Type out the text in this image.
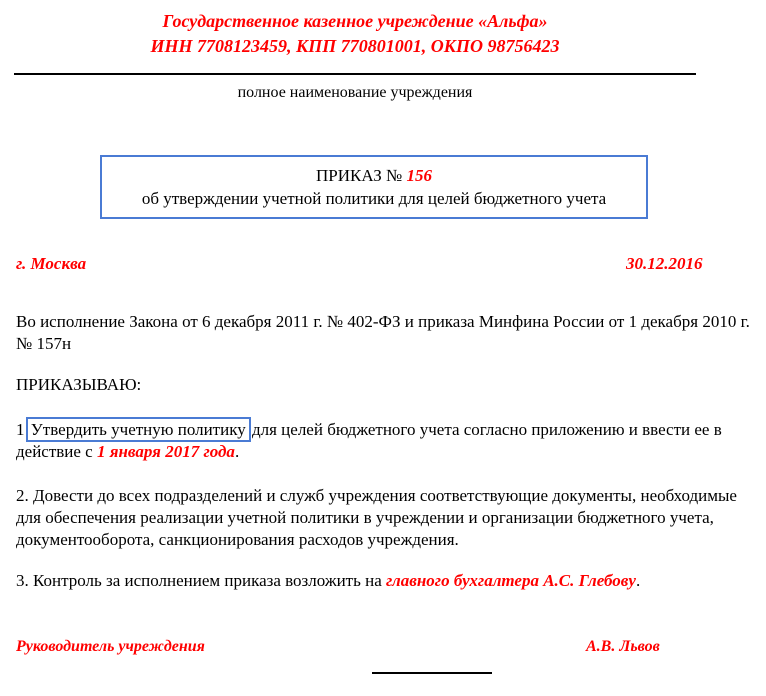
Государственное казенное учреждение «Альфа»
ИНН 7708123459, КПП 770801001, ОКПО 98756423
полное наименование учреждения
ПРИКАЗ № 156
об утверждении учетной политики для целей бюджетного учета
г. Москва	30.12.2016
Во исполнение Закона от 6 декабря 2011 г. № 402-ФЗ и приказа Минфина России от 1 декабря 2010 г. № 157н
ПРИКАЗЫВАЮ:
1 Утвердить учетную политику для целей бюджетного учета согласно приложению и ввести ее в действие с 1 января 2017 года.
2. Довести до всех подразделений и служб учреждения соответствующие документы, необходимые для обеспечения реализации учетной политики в учреждении и организации бюджетного учета, документооборота, санкционирования расходов учреждения.
3. Контроль за исполнением приказа возложить на главного бухгалтера А.С. Глебову.
Руководитель учреждения	А.В. Львов
